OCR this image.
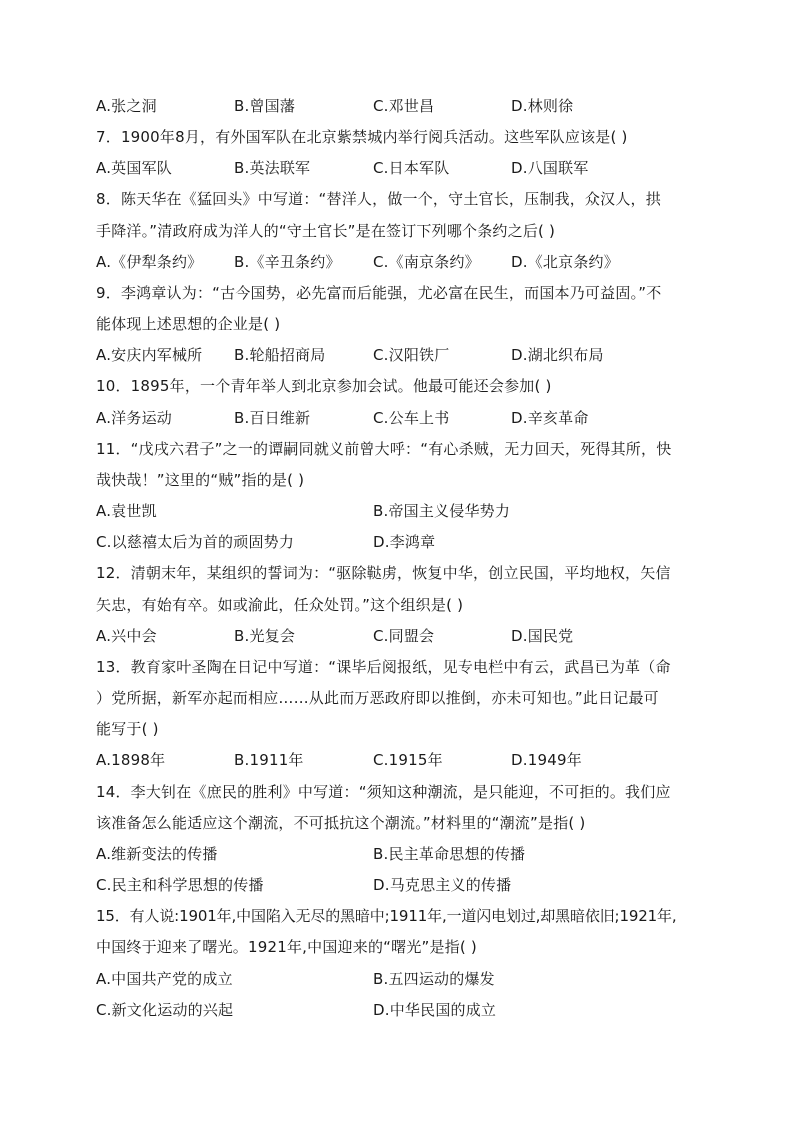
A.张之洞	B.曾国藩	C.邓世昌	D.林则徐
7．1900年8月，有外国军队在北京紫禁城内举行阅兵活动。这些军队应该是( )
A.英国军队	B.英法联军	C.日本军队	D.八国联军
8．陈天华在《猛回头》中写道：“替洋人，做一个，守土官长，压制我，众汉人，拱
手降洋。”清政府成为洋人的“守土官长”是在签订下列哪个条约之后( )
A.《伊犁条约》 B.《辛丑条约》 C.《南京条约》 D.《北京条约》
9．李鸿章认为：“古今国势，必先富而后能强，尤必富在民生，而国本乃可益固。”不
能体现上述思想的企业是( )
A.安庆内军械所 B.轮船招商局	C.汉阳铁厂	D.湖北织布局
10．1895年，一个青年举人到北京参加会试。他最可能还会参加( )
A.洋务运动	B.百日维新	C.公车上书	D.辛亥革命
11．“戊戌六君子”之一的谭嗣同就义前曾大呼：“有心杀贼，无力回天，死得其所，快
哉快哉！”这里的“贼”指的是( )
A.袁世凯	B.帝国主义侵华势力
C.以慈禧太后为首的顽固势力	D.李鸿章
12．清朝末年，某组织的誓词为：“驱除鞑虏，恢复中华，创立民国，平均地权，矢信
矢忠，有始有卒。如或渝此，任众处罚。”这个组织是( )
A.兴中会	B.光复会	C.同盟会	D.国民党
13．教育家叶圣陶在日记中写道：“课毕后阅报纸，见专电栏中有云，武昌已为革（命
）党所据，新军亦起而相应……从此而万恶政府即以推倒，亦未可知也。”此日记最可
能写于( )
A.1898年	B.1911年	C.1915年	D.1949年
14．李大钊在《庶民的胜利》中写道：“须知这种潮流，是只能迎，不可拒的。我们应
该准备怎么能适应这个潮流，不可抵抗这个潮流。”材料里的“潮流”是指( )
A.维新变法的传播	B.民主革命思想的传播
C.民主和科学思想的传播	D.马克思主义的传播
15．有人说:1901年,中国陷入无尽的黑暗中;1911年,一道闪电划过,却黑暗依旧;1921年,
中国终于迎来了曙光。1921年,中国迎来的“曙光”是指( )
A.中国共产党的成立	B.五四运动的爆发
C.新文化运动的兴起	D.中华民国的成立
